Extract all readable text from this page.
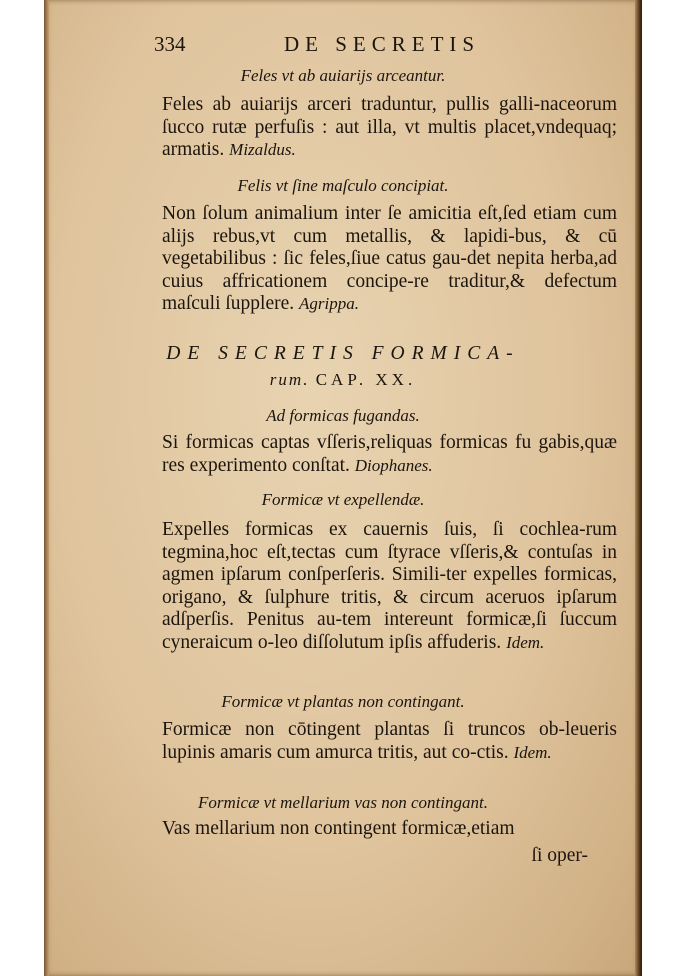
334	DE SECRETIS
Feles vt ab auiarijs arceantur.
Feles ab auiarijs arceri traduntur, pullis galli-naceorum ſucco rutæ perfuſis : aut illa, vt multis placet,vndequaq; armatis. Mizaldus.
Felis vt ſine maſculo concipiat.
Non ſolum animalium inter ſe amicitia eſt,ſed etiam cum alijs rebus,vt cum metallis, & lapidi-bus, & cū vegetabilibus : ſic feles,ſiue catus gau-det nepita herba,ad cuius affricationem concipe-re traditur,& defectum maſculi ſupplere. Agrippa.
DE SECRETIS FORMICA-
rum. CAP. XX.
Ad formicas fugandas.
Si formicas captas vſſeris,reliquas formicas fu gabis,quæ res experimento conſtat. Diophanes.
Formicæ vt expellendæ.
Expelles formicas ex cauernis ſuis, ſi cochlea-rum tegmina,hoc eſt,tectas cum ſtyrace vſſeris,& contuſas in agmen ipſarum conſperſeris. Simili-ter expelles formicas, origano, & ſulphure tritis, & circum aceruos ipſarum adſperſis. Penitus au-tem intereunt formicæ,ſi ſuccum cyneraicum o-leo diſſolutum ipſis affuderis. Idem.
Formicæ vt plantas non contingant.
Formicæ non cōtingent plantas ſi truncos ob-leueris lupinis amaris cum amurca tritis, aut co-ctis. Idem.
Formicæ vt mellarium vas non contingant.
Vas mellarium non contingent formicæ,etiam
ſi oper-
